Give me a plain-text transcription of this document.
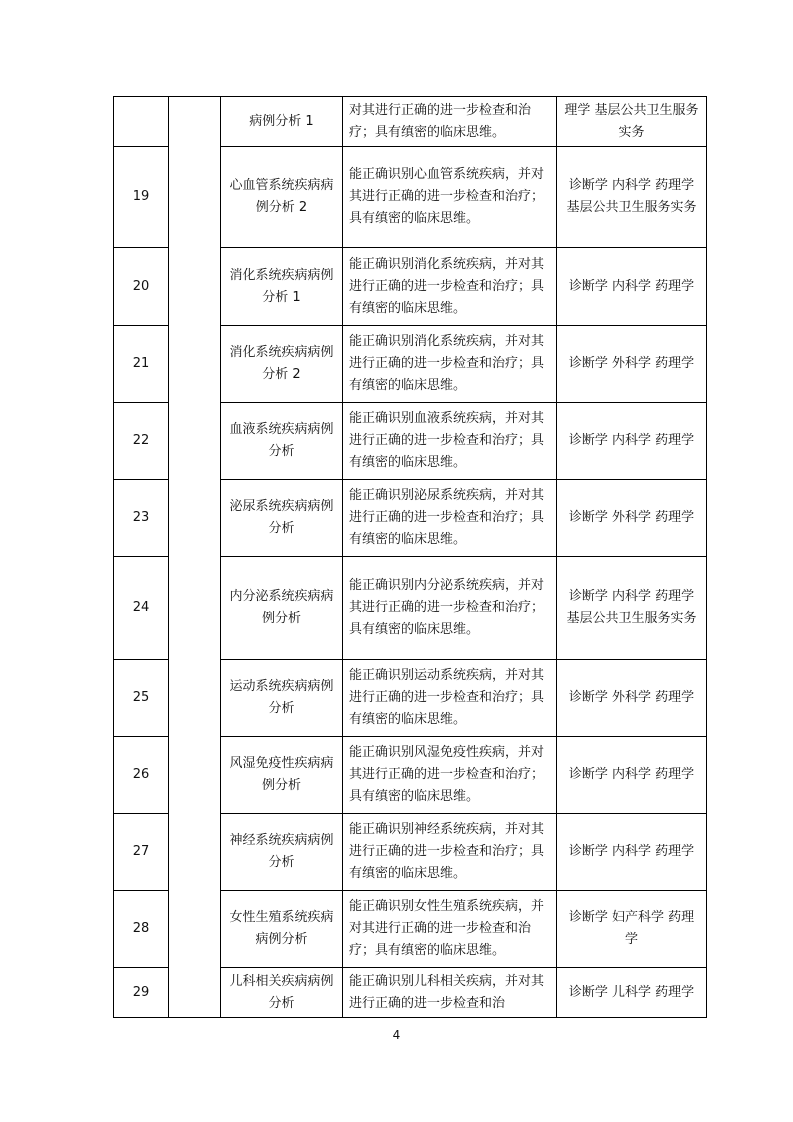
		病例分析 1	对其进行正确的进一步检查和治疗；具有缜密的临床思维。	理学 基层公共卫生服务实务
19		心血管系统疾病病例分析 2	能正确识别心血管系统疾病，并对其进行正确的进一步检查和治疗；具有缜密的临床思维。	诊断学 内科学 药理学 基层公共卫生服务实务
20		消化系统疾病病例分析 1	能正确识别消化系统疾病，并对其进行正确的进一步检查和治疗；具有缜密的临床思维。	诊断学 内科学 药理学
21		消化系统疾病病例分析 2	能正确识别消化系统疾病，并对其进行正确的进一步检查和治疗；具有缜密的临床思维。	诊断学 外科学 药理学
22		血液系统疾病病例分析	能正确识别血液系统疾病，并对其进行正确的进一步检查和治疗；具有缜密的临床思维。	诊断学 内科学 药理学
23		泌尿系统疾病病例分析	能正确识别泌尿系统疾病，并对其进行正确的进一步检查和治疗；具有缜密的临床思维。	诊断学 外科学 药理学
24		内分泌系统疾病病例分析	能正确识别内分泌系统疾病，并对其进行正确的进一步检查和治疗；具有缜密的临床思维。	诊断学 内科学 药理学 基层公共卫生服务实务
25		运动系统疾病病例分析	能正确识别运动系统疾病，并对其进行正确的进一步检查和治疗；具有缜密的临床思维。	诊断学 外科学 药理学
26		风湿免疫性疾病病例分析	能正确识别风湿免疫性疾病，并对其进行正确的进一步检查和治疗；具有缜密的临床思维。	诊断学 内科学 药理学
27		神经系统疾病病例分析	能正确识别神经系统疾病，并对其进行正确的进一步检查和治疗；具有缜密的临床思维。	诊断学 内科学 药理学
28		女性生殖系统疾病病例分析	能正确识别女性生殖系统疾病，并对其进行正确的进一步检查和治疗；具有缜密的临床思维。	诊断学 妇产科学 药理学
29		儿科相关疾病病例分析	能正确识别儿科相关疾病，并对其进行正确的进一步检查和治	诊断学 儿科学 药理学
4
